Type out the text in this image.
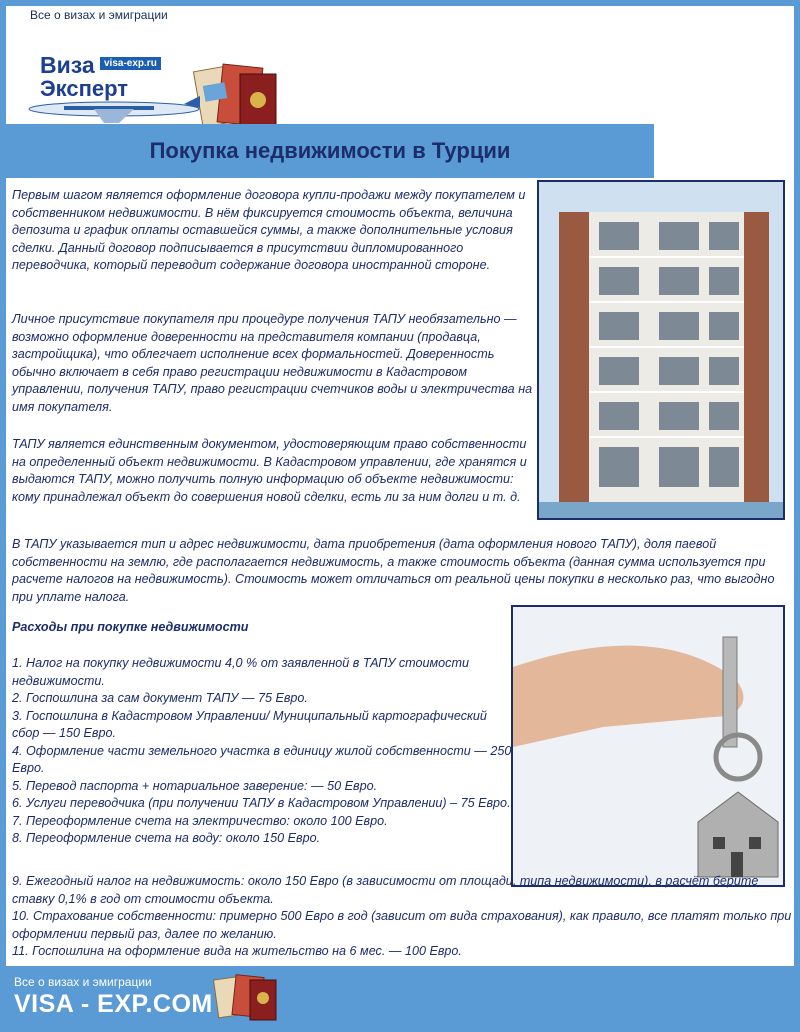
Все о визах и эмиграции
Виза visa-exp.ru
Эксперт
Покупка недвижимости в Турции
Первым шагом является оформление договора купли-продажи между покупателем и собственником недвижимости. В нём фиксируется стоимость объекта, величина депозита и график оплаты оставшейся суммы, а также дополнительные условия сделки. Данный договор подписывается в присутствии дипломированного переводчика, который переводит содержание договора иностранной стороне.
Личное присутствие покупателя при процедуре получения ТАПУ необязательно — возможно оформление доверенности на представителя компании (продавца, застройщика), что облегчает исполнение всех формальностей. Доверенность обычно включает в себя право регистрации недвижимости в Кадастровом управлении, получения ТАПУ, право регистрации счетчиков воды и электричества на имя покупателя.
ТАПУ является единственным документом, удостоверяющим право собственности на определенный объект недвижимости. В Кадастровом управлении, где хранятся и выдаются ТАПУ, можно получить полную информацию об объекте недвижимости: кому принадлежал объект до совершения новой сделки, есть ли за ним долги и т. д.
В ТАПУ указывается тип и адрес недвижимости, дата приобретения (дата оформления нового ТАПУ), доля паевой собственности на землю, где располагается недвижимость, а также стоимость объекта (данная сумма используется при расчете налогов на недвижимость). Стоимость может отличаться от реальной цены покупки в несколько раз, что выгодно при уплате налога.
Расходы при покупке недвижимости
1. Налог на покупку недвижимости 4,0 % от заявленной в ТАПУ стоимости недвижимости.
2. Госпошлина за сам документ ТАПУ — 75 Евро.
3. Госпошлина в Кадастровом Управлении/ Муниципальный картографический сбор — 150 Евро.
4. Оформление части земельного участка в единицу жилой собственности — 250 Евро.
5. Перевод паспорта + нотариальное заверение: — 50 Евро.
6. Услуги переводчика (при получении ТАПУ в Кадастровом Управлении) – 75 Евро.
7. Переоформление счета на электричество: около 100 Евро.
8. Переоформление счета на воду: около 150 Евро.
9. Ежегодный налог на недвижимость: около 150 Евро (в зависимости от площади, типа недвижимости), в расчёт берите ставку 0,1% в год от стоимости объекта.
10. Страхование собственности: примерно 500 Евро в год (зависит от вида страхования), как правило, все платят только при оформлении первый раз, далее по желанию.
11. Госпошлина на оформление вида на жительство на 6 мес. — 100 Евро.
Все о визах и эмиграции
VISA - EXP.COM
